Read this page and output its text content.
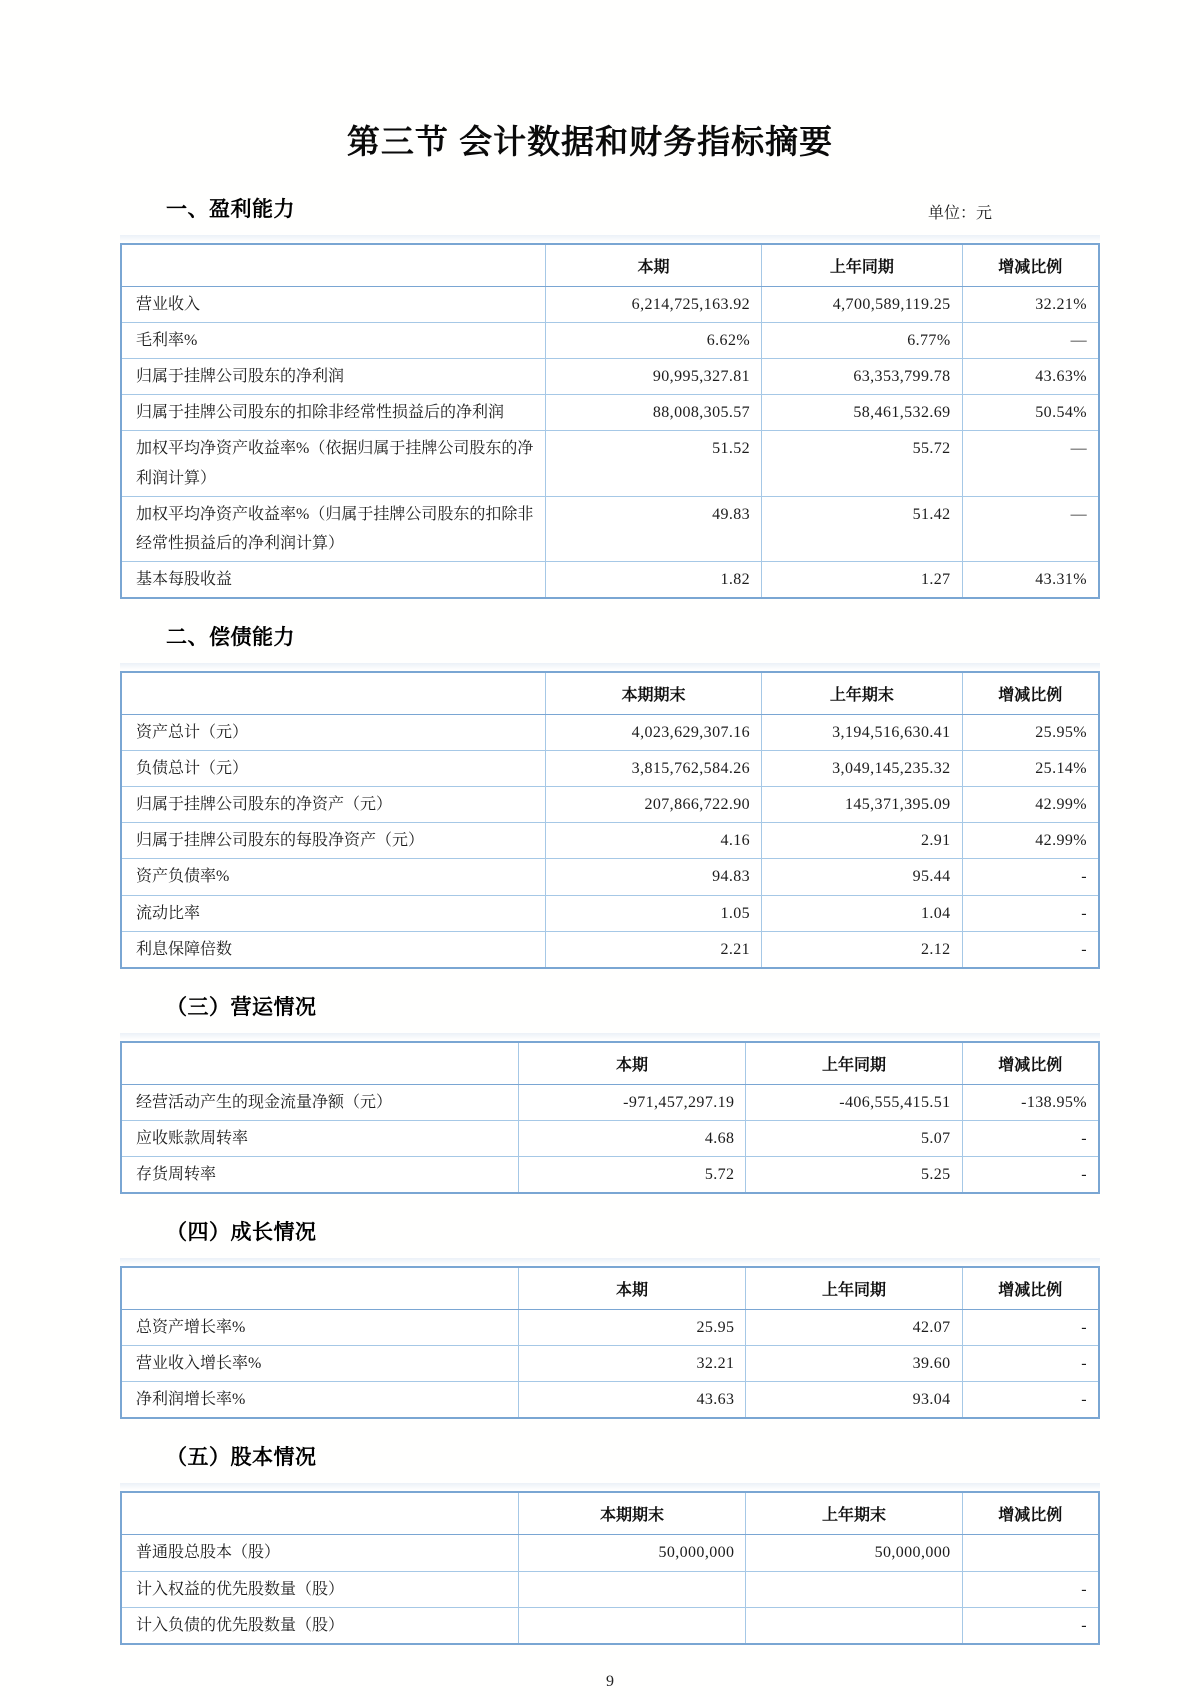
第三节 会计数据和财务指标摘要
一、盈利能力	单位：元
	本期	上年同期	增减比例
营业收入	6,214,725,163.92	4,700,589,119.25	32.21%
毛利率%	6.62%	6.77%	—
归属于挂牌公司股东的净利润	90,995,327.81	63,353,799.78	43.63%
归属于挂牌公司股东的扣除非经常性损益后的净利润	88,008,305.57	58,461,532.69	50.54%
加权平均净资产收益率%（依据归属于挂牌公司股东的净利润计算）	51.52	55.72	—
加权平均净资产收益率%（归属于挂牌公司股东的扣除非经常性损益后的净利润计算）	49.83	51.42	—
基本每股收益	1.82	1.27	43.31%
二、偿债能力
	本期期末	上年期末	增减比例
资产总计（元）	4,023,629,307.16	3,194,516,630.41	25.95%
负债总计（元）	3,815,762,584.26	3,049,145,235.32	25.14%
归属于挂牌公司股东的净资产（元）	207,866,722.90	145,371,395.09	42.99%
归属于挂牌公司股东的每股净资产（元）	4.16	2.91	42.99%
资产负债率%	94.83	95.44	-
流动比率	1.05	1.04	-
利息保障倍数	2.21	2.12	-
（三）营运情况
	本期	上年同期	增减比例
经营活动产生的现金流量净额（元）	-971,457,297.19	-406,555,415.51	-138.95%
应收账款周转率	4.68	5.07	-
存货周转率	5.72	5.25	-
（四）成长情况
	本期	上年同期	增减比例
总资产增长率%	25.95	42.07	-
营业收入增长率%	32.21	39.60	-
净利润增长率%	43.63	93.04	-
（五）股本情况
	本期期末	上年期末	增减比例
普通股总股本（股）	50,000,000	50,000,000	
计入权益的优先股数量（股）			-
计入负债的优先股数量（股）			-
9
